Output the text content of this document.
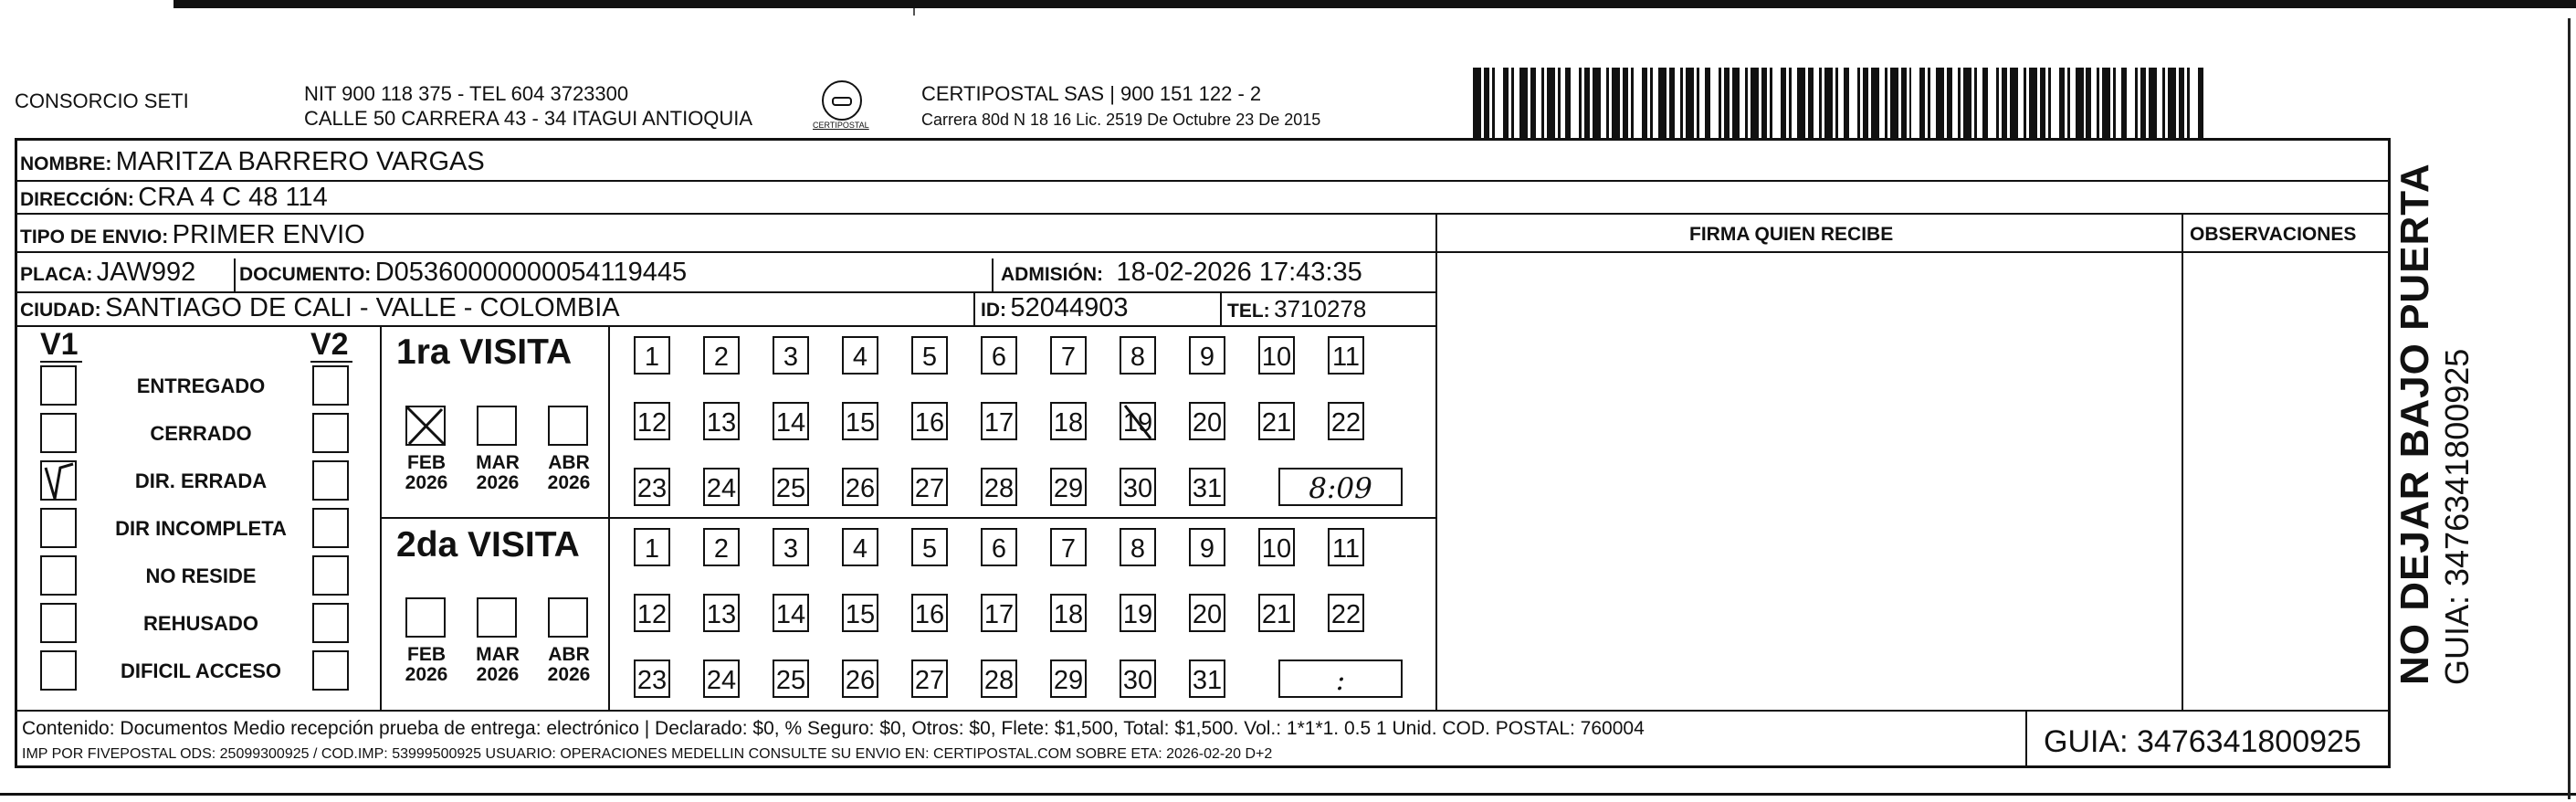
CONSORCIO SETI	NIT 900 118 375 - TEL 604 3723300
CALLE 50 CARRERA 43 - 34 ITAGUI ANTIOQUIA	CERTIPOSTAL
CERTIPOSTAL SAS | 900 151 122 - 2
Carrera 80d N 18 16 Lic. 2519 De Octubre 23 De 2015
NOMBRE: MARITZA BARRERO VARGAS
DIRECCIÓN: CRA 4 C 48 114
TIPO DE ENVIO: PRIMER ENVIO	FIRMA QUIEN RECIBE	OBSERVACIONES
PLACA: JAW992 DOCUMENTO: D05360000000054119445	ADMISIÓN: 18-02-2026 17:43:35
CIUDAD: SANTIAGO DE CALI - VALLE - COLOMBIA	ID: 52044903	TEL: 3710278
V1	V2
ENTREGADO
CERRADO
DIR. ERRADA
DIR INCOMPLETA
NO RESIDE
REHUSADO
DIFICIL ACCESO
1ra VISITA
2da VISITA
FEB 2026
MAR 2026
ABR 2026
1	2	3	4	5	6	7	8	9	10 11
12 13 14 15 16 17 18 19 20 21 22
23 24 25 26 27 28 29 30 31	8:09
FEB 2026
MAR 2026
ABR 2026
1	2	3	4	5	6	7	8	9	10 11
12 13 14 15 16 17 18 19 20 21 22
23 24 25 26 27 28 29 30 31	:
Contenido: Documentos Medio recepción prueba de entrega: electrónico | Declarado: $0, % Seguro: $0, Otros: $0, Flete: $1,500, Total: $1,500. Vol.: 1*1*1. 0.5 1 Unid. COD. POSTAL: 760004
IMP POR FIVEPOSTAL ODS: 25099300925 / COD.IMP: 53999500925 USUARIO: OPERACIONES MEDELLIN CONSULTE SU ENVIO EN: CERTIPOSTAL.COM SOBRE ETA: 2026-02-20 D+2	GUIA: 3476341800925
NO DEJAR BAJO PUERTA GUIA: 3476341800925
